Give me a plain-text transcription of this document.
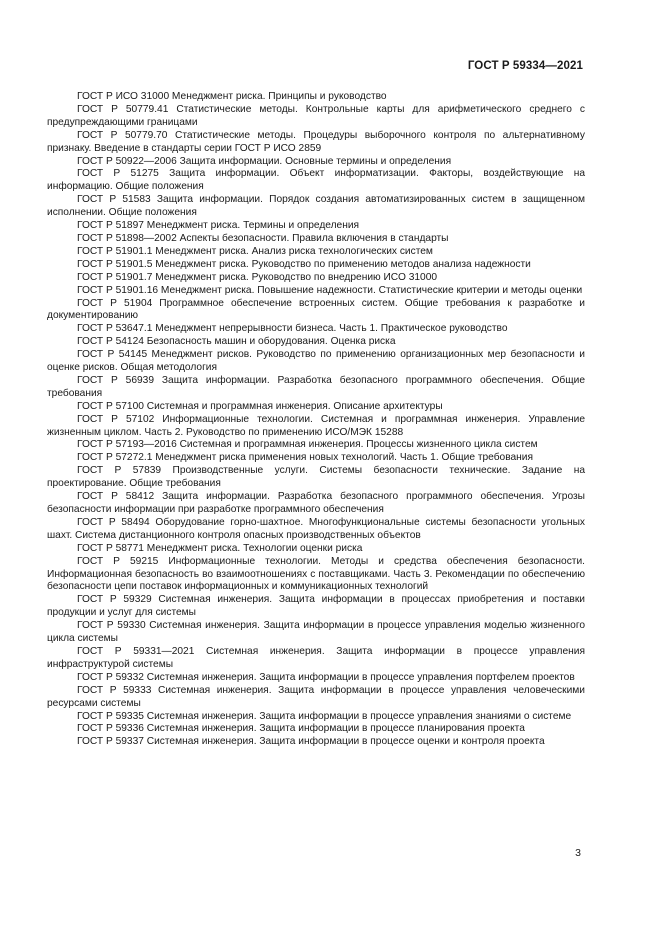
ГОСТ Р 59334—2021

ГОСТ Р ИСО 31000 Менеджмент риска. Принципы и руководство

ГОСТ Р 50779.41 Статистические методы. Контрольные карты для арифметического среднего с предупреждающими границами

ГОСТ Р 50779.70 Статистические методы. Процедуры выборочного контроля по альтернативному признаку. Введение в стандарты серии ГОСТ Р ИСО 2859

ГОСТ Р 50922—2006 Защита информации. Основные термины и определения

ГОСТ Р 51275 Защита информации. Объект информатизации. Факторы, воздействующие на информацию. Общие положения

ГОСТ Р 51583 Защита информации. Порядок создания автоматизированных систем в защищенном исполнении. Общие положения

ГОСТ Р 51897 Менеджмент риска. Термины и определения

ГОСТ Р 51898—2002 Аспекты безопасности. Правила включения в стандарты

ГОСТ Р 51901.1 Менеджмент риска. Анализ риска технологических систем

ГОСТ Р 51901.5 Менеджмент риска. Руководство по применению методов анализа надежности

ГОСТ Р 51901.7 Менеджмент риска. Руководство по внедрению ИСО 31000

ГОСТ Р 51901.16 Менеджмент риска. Повышение надежности. Статистические критерии и методы оценки

ГОСТ Р 51904 Программное обеспечение встроенных систем. Общие требования к разработке и документированию

ГОСТ Р 53647.1 Менеджмент непрерывности бизнеса. Часть 1. Практическое руководство

ГОСТ Р 54124 Безопасность машин и оборудования. Оценка риска

ГОСТ Р 54145 Менеджмент рисков. Руководство по применению организационных мер безопасности и оценке рисков. Общая методология

ГОСТ Р 56939 Защита информации. Разработка безопасного программного обеспечения. Общие требования

ГОСТ Р 57100 Системная и программная инженерия. Описание архитектуры

ГОСТ Р 57102 Информационные технологии. Системная и программная инженерия. Управление жизненным циклом. Часть 2. Руководство по применению ИСО/МЭК 15288

ГОСТ Р 57193—2016 Системная и программная инженерия. Процессы жизненного цикла систем

ГОСТ Р 57272.1 Менеджмент риска применения новых технологий. Часть 1. Общие требования

ГОСТ Р 57839 Производственные услуги. Системы безопасности технические. Задание на проектирование. Общие требования

ГОСТ Р 58412 Защита информации. Разработка безопасного программного обеспечения. Угрозы безопасности информации при разработке программного обеспечения

ГОСТ Р 58494 Оборудование горно-шахтное. Многофункциональные системы безопасности угольных шахт. Система дистанционного контроля опасных производственных объектов

ГОСТ Р 58771 Менеджмент риска. Технологии оценки риска

ГОСТ Р 59215 Информационные технологии. Методы и средства обеспечения безопасности. Информационная безопасность во взаимоотношениях с поставщиками. Часть 3. Рекомендации по обеспечению безопасности цепи поставок информационных и коммуникационных технологий

ГОСТ Р 59329 Системная инженерия. Защита информации в процессах приобретения и поставки продукции и услуг для системы

ГОСТ Р 59330 Системная инженерия. Защита информации в процессе управления моделью жизненного цикла системы

ГОСТ Р 59331—2021 Системная инженерия. Защита информации в процессе управления инфраструктурой системы

ГОСТ Р 59332 Системная инженерия. Защита информации в процессе управления портфелем проектов

ГОСТ Р 59333 Системная инженерия. Защита информации в процессе управления человеческими ресурсами системы

ГОСТ Р 59335 Системная инженерия. Защита информации в процессе управления знаниями о системе

ГОСТ Р 59336 Системная инженерия. Защита информации в процессе планирования проекта

ГОСТ Р 59337 Системная инженерия. Защита информации в процессе оценки и контроля проекта

3
